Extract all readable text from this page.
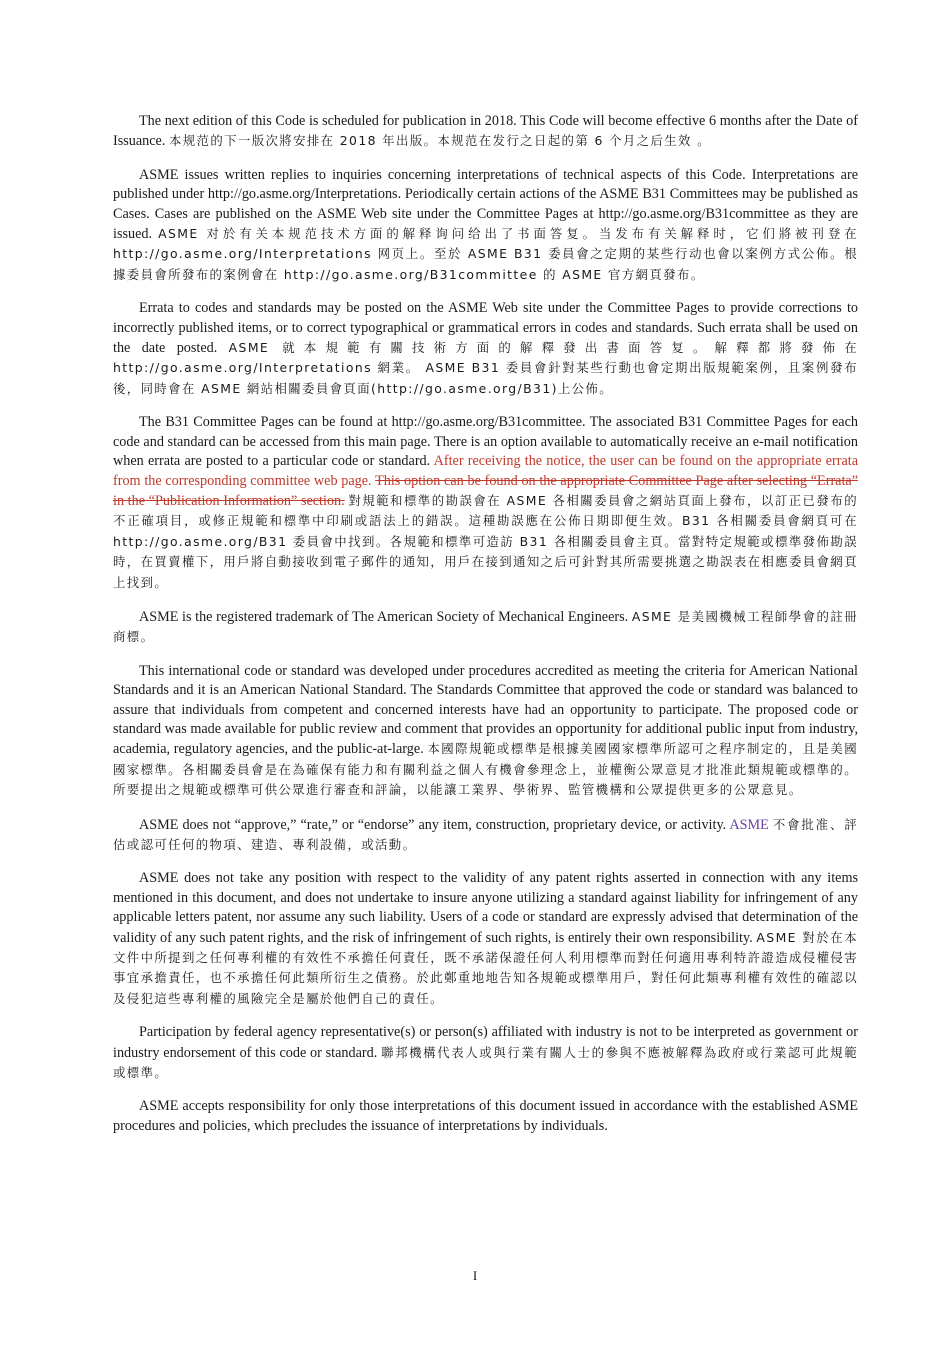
The next edition of this Code is scheduled for publication in 2018. This Code will become effective 6 months after the Date of Issuance. 本规范的下一版次將安排在 2018 年出版。本规范在发行之日起的第 6 个月之后生效 。

ASME issues written replies to inquiries concerning interpretations of technical aspects of this Code. Interpretations are published under http://go.asme.org/Interpretations. Periodically certain actions of the ASME B31 Committees may be published as Cases. Cases are published on the ASME Web site under the Committee Pages at http://go.asme.org/B31committee as they are issued. ASME 对於有关本规范技术方面的解释询问给出了书面答复。当发布有关解释时，它们將被刊登在 http://go.asme.org/Interpretations 网页上。至於 ASME B31 委員會之定期的某些行动也會以案例方式公佈。根據委員會所發布的案例會在 http://go.asme.org/B31committee 的 ASME 官方網頁發布。

Errata to codes and standards may be posted on the ASME Web site under the Committee Pages to provide corrections to incorrectly published items, or to correct typographical or grammatical errors in codes and standards. Such errata shall be used on the date posted. ASME 就本規範有關技術方面的解釋發出書面答复。解釋都將發佈在 http://go.asme.org/Interpretations 網業。 ASME B31 委員會針對某些行動也會定期出版規範案例，且案例發布後，同時會在 ASME 網站相關委員會頁面(http://go.asme.org/B31)上公佈。

The B31 Committee Pages can be found at http://go.asme.org/B31committee. The associated B31 Committee Pages for each code and standard can be accessed from this main page. There is an option available to automatically receive an e-mail notification when errata are posted to a particular code or standard. After receiving the notice, the user can be found on the appropriate errata from the corresponding committee web page. This option can be found on the appropriate Committee Page after selecting “Errata” in the “Publication Information” section. 對規範和標準的勘誤會在 ASME 各相關委員會之網站頁面上發布，以訂正已發布的不正確項目，或修正規範和標準中印刷或語法上的錯誤。這種勘誤應在公佈日期即便生效。B31 各相關委員會網頁可在 http://go.asme.org/B31 委員會中找到。各規範和標準可造訪 B31 各相關委員會主頁。當對特定規範或標準發佈勘誤時，在買賣權下，用戶將自動接收到電子郵件的通知，用戶在接到通知之后可針對其所需要挑選之勘誤表在相應委員會網頁上找到。

ASME is the registered trademark of The American Society of Mechanical Engineers. ASME 是美國機械工程師學會的註冊商標。

This international code or standard was developed under procedures accredited as meeting the criteria for American National Standards and it is an American National Standard. The Standards Committee that approved the code or standard was balanced to assure that individuals from competent and concerned interests have had an opportunity to participate. The proposed code or standard was made available for public review and comment that provides an opportunity for additional public input from industry, academia, regulatory agencies, and the public-at-large. 本國際規範或標準是根據美國國家標準所認可之程序制定的，且是美國國家標準。各相關委員會是在為確保有能力和有關利益之個人有機會參理念上，並權衡公眾意見才批准此類規範或標準的。所要提出之規範或標準可供公眾進行審查和評論，以能讓工業界、學術界、監管機構和公眾提供更多的公眾意見。

ASME does not “approve,” “rate,” or “endorse” any item, construction, proprietary device, or activity. ASME 不會批准、評估或認可任何的物項、建造、專利設備，或活動。

ASME does not take any position with respect to the validity of any patent rights asserted in connection with any items mentioned in this document, and does not undertake to insure anyone utilizing a standard against liability for infringement of any applicable letters patent, nor assume any such liability. Users of a code or standard are expressly advised that determination of the validity of any such patent rights, and the risk of infringement of such rights, is entirely their own responsibility. ASME 對於在本文件中所提到之任何專利權的有效性不承擔任何責任，既不承諾保證任何人利用標準而對任何適用專利特許證造成侵權侵害事宜承擔責任，也不承擔任何此類所衍生之債務。於此鄭重地地告知各規範或標準用戶，對任何此類專利權有效性的確認以及侵犯這些專利權的風險完全是屬於他們自己的責任。

Participation by federal agency representative(s) or person(s) affiliated with industry is not to be interpreted as government or industry endorsement of this code or standard. 聯邦機構代表人或與行業有關人士的參與不應被解釋為政府或行業認可此規範或標準。

ASME accepts responsibility for only those interpretations of this document issued in accordance with the established ASME procedures and policies, which precludes the issuance of interpretations by individuals.

I
